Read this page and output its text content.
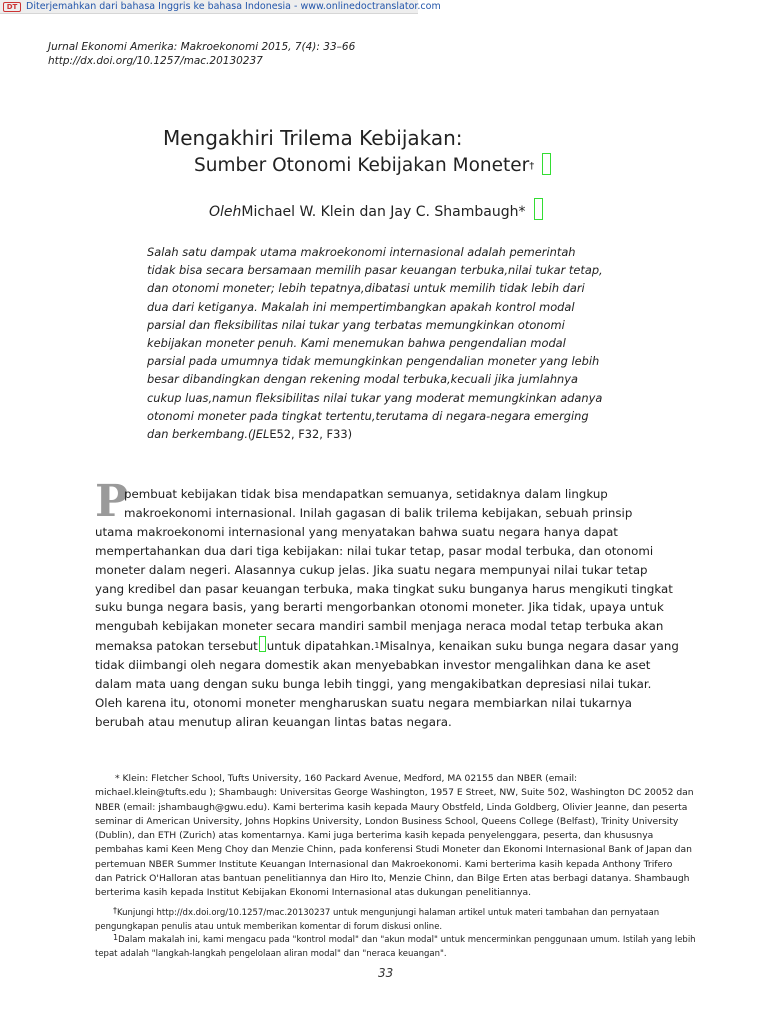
DT Diterjemahkan dari bahasa Inggris ke bahasa Indonesia - www.onlinedoctranslator.com
Jurnal Ekonomi Amerika: Makroekonomi 2015, 7(4): 33–66
http://dx.doi.org/10.1257/mac.20130237
Mengakhiri Trilema Kebijakan:
Sumber Otonomi Kebijakan Moneter†
OlehMichael W. Klein dan Jay C. Shambaugh*
Salah satu dampak utama makroekonomi internasional adalah pemerintah
tidak bisa secara bersamaan memilih pasar keuangan terbuka,nilai tukar tetap,
dan otonomi moneter; lebih tepatnya,dibatasi untuk memilih tidak lebih dari
dua dari ketiganya. Makalah ini mempertimbangkan apakah kontrol modal
parsial dan fleksibilitas nilai tukar yang terbatas memungkinkan otonomi
kebijakan moneter penuh. Kami menemukan bahwa pengendalian modal
parsial pada umumnya tidak memungkinkan pengendalian moneter yang lebih
besar dibandingkan dengan rekening modal terbuka,kecuali jika jumlahnya
cukup luas,namun fleksibilitas nilai tukar yang moderat memungkinkan adanya
otonomi moneter pada tingkat tertentu,terutama di negara-negara emerging
dan berkembang.(JELE52, F32, F33)
P
pembuat kebijakan tidak bisa mendapatkan semuanya, setidaknya dalam lingkup
makroekonomi internasional. Inilah gagasan di balik trilema kebijakan, sebuah prinsip
utama makroekonomi internasional yang menyatakan bahwa suatu negara hanya dapat
mempertahankan dua dari tiga kebijakan: nilai tukar tetap, pasar modal terbuka, dan otonomi
moneter dalam negeri. Alasannya cukup jelas. Jika suatu negara mempunyai nilai tukar tetap
yang kredibel dan pasar keuangan terbuka, maka tingkat suku bunganya harus mengikuti tingkat
suku bunga negara basis, yang berarti mengorbankan otonomi moneter. Jika tidak, upaya untuk
mengubah kebijakan moneter secara mandiri sambil menjaga neraca modal tetap terbuka akan
memaksa patokan tersebut untuk dipatahkan.1Misalnya, kenaikan suku bunga negara dasar yang
tidak diimbangi oleh negara domestik akan menyebabkan investor mengalihkan dana ke aset
dalam mata uang dengan suku bunga lebih tinggi, yang mengakibatkan depresiasi nilai tukar.
Oleh karena itu, otonomi moneter mengharuskan suatu negara membiarkan nilai tukarnya
berubah atau menutup aliran keuangan lintas batas negara.
* Klein: Fletcher School, Tufts University, 160 Packard Avenue, Medford, MA 02155 dan NBER (email:
michael.klein@tufts.edu ); Shambaugh: Universitas George Washington, 1957 E Street, NW, Suite 502, Washington DC 20052 dan
NBER (email: jshambaugh@gwu.edu). Kami berterima kasih kepada Maury Obstfeld, Linda Goldberg, Olivier Jeanne, dan peserta
seminar di American University, Johns Hopkins University, London Business School, Queens College (Belfast), Trinity University
(Dublin), dan ETH (Zurich) atas komentarnya. Kami juga berterima kasih kepada penyelenggara, peserta, dan khususnya
pembahas kami Keen Meng Choy dan Menzie Chinn, pada konferensi Studi Moneter dan Ekonomi Internasional Bank of Japan dan
pertemuan NBER Summer Institute Keuangan Internasional dan Makroekonomi. Kami berterima kasih kepada Anthony Trifero
dan Patrick O'Halloran atas bantuan penelitiannya dan Hiro Ito, Menzie Chinn, dan Bilge Erten atas berbagi datanya. Shambaugh
berterima kasih kepada Institut Kebijakan Ekonomi Internasional atas dukungan penelitiannya.
†Kunjungi http://dx.doi.org/10.1257/mac.20130237 untuk mengunjungi halaman artikel untuk materi tambahan dan pernyataan
pengungkapan penulis atau untuk memberikan komentar di forum diskusi online.
1Dalam makalah ini, kami mengacu pada "kontrol modal" dan "akun modal" untuk mencerminkan penggunaan umum. Istilah yang lebih
tepat adalah "langkah-langkah pengelolaan aliran modal" dan "neraca keuangan".
33
